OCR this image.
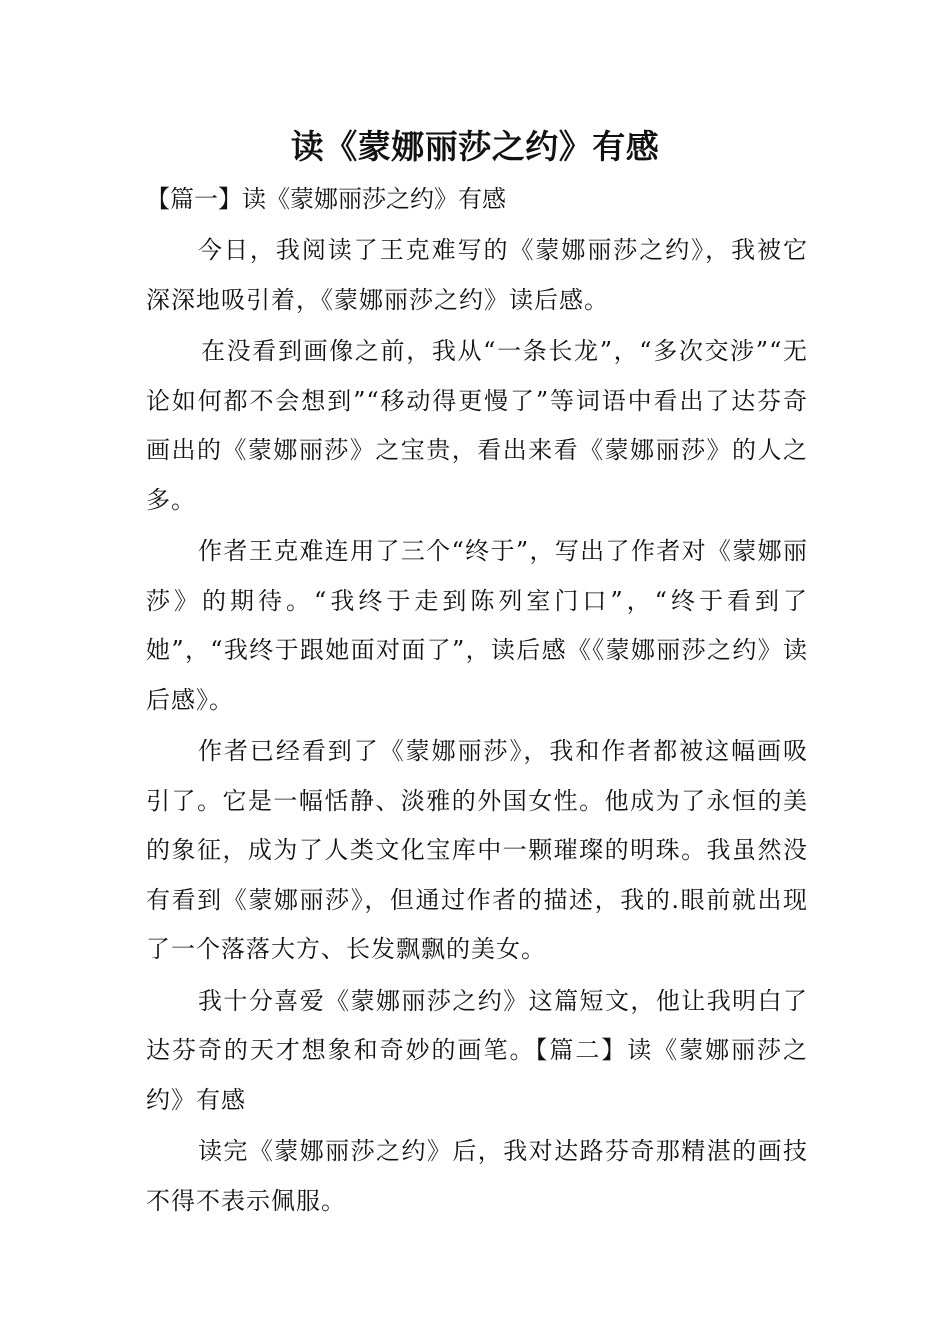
读《蒙娜丽莎之约》有感

【篇一】读《蒙娜丽莎之约》有感

今日，我阅读了王克难写的《蒙娜丽莎之约》，我被它深深地吸引着，《蒙娜丽莎之约》读后感。

在没看到画像之前，我从“一条长龙”，“多次交涉”“无论如何都不会想到”“移动得更慢了”等词语中看出了达芬奇画出的《蒙娜丽莎》之宝贵，看出来看《蒙娜丽莎》的人之多。

作者王克难连用了三个“终于”，写出了作者对《蒙娜丽莎》的期待。“我终于走到陈列室门口”，“终于看到了她”，“我终于跟她面对面了”，读后感《《蒙娜丽莎之约》读后感》。

作者已经看到了《蒙娜丽莎》，我和作者都被这幅画吸引了。它是一幅恬静、淡雅的外国女性。他成为了永恒的美的象征，成为了人类文化宝库中一颗璀璨的明珠。我虽然没有看到《蒙娜丽莎》，但通过作者的描述，我的.眼前就出现了一个落落大方、长发飘飘的美女。

我十分喜爱《蒙娜丽莎之约》这篇短文，他让我明白了达芬奇的天才想象和奇妙的画笔。【篇二】读《蒙娜丽莎之约》有感

读完《蒙娜丽莎之约》后，我对达路芬奇那精湛的画技不得不表示佩服。
